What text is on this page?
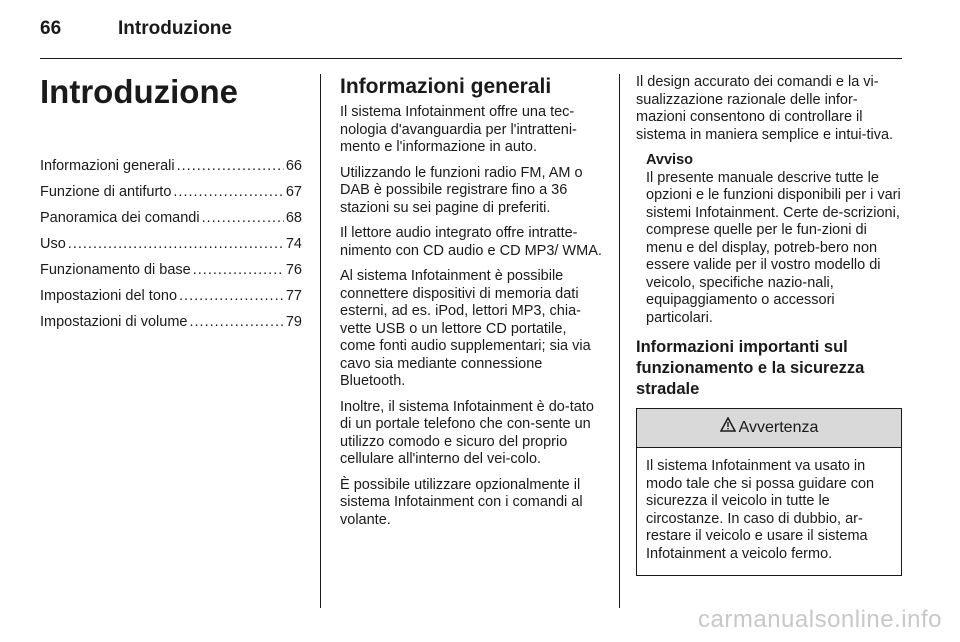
66	Introduzione
Introduzione
Informazioni generali .....	66
Funzione di antifurto .....	67
Panoramica dei comandi .....	68
Uso .....	74
Funzionamento di base .....	76
Impostazioni del tono .....	77
Impostazioni di volume .....	79
Informazioni generali

Il sistema Infotainment offre una tec-nologia d'avanguardia per l'intratteni-mento e l'informazione in auto.

Utilizzando le funzioni radio FM, AM o DAB è possibile registrare fino a 36 stazioni su sei pagine di preferiti.

Il lettore audio integrato offre intratte-nimento con CD audio e CD MP3/ WMA.

Al sistema Infotainment è possibile connettere dispositivi di memoria dati esterni, ad es. iPod, lettori MP3, chia-vette USB o un lettore CD portatile, come fonti audio supplementari; sia via cavo sia mediante connessione Bluetooth.

Inoltre, il sistema Infotainment è do-tato di un portale telefono che con-sente un utilizzo comodo e sicuro del proprio cellulare all'interno del vei-colo.

È possibile utilizzare opzionalmente il sistema Infotainment con i comandi al volante.

Il design accurato dei comandi e la vi-sualizzazione razionale delle infor-mazioni consentono di controllare il sistema in maniera semplice e intui-tiva.

Avviso
Il presente manuale descrive tutte le opzioni e le funzioni disponibili per i vari sistemi Infotainment. Certe de-scrizioni, comprese quelle per le fun-zioni di menu e del display, potreb-bero non essere valide per il vostro modello di veicolo, specifiche nazio-nali, equipaggiamento o accessori particolari.
Informazioni importanti sul funzionamento e la sicurezza stradale
Avvertenza
Il sistema Infotainment va usato in modo tale che si possa guidare con sicurezza il veicolo in tutte le circostanze. In caso di dubbio, ar-restare il veicolo e usare il sistema Infotainment a veicolo fermo.
carmanualsonline.info
